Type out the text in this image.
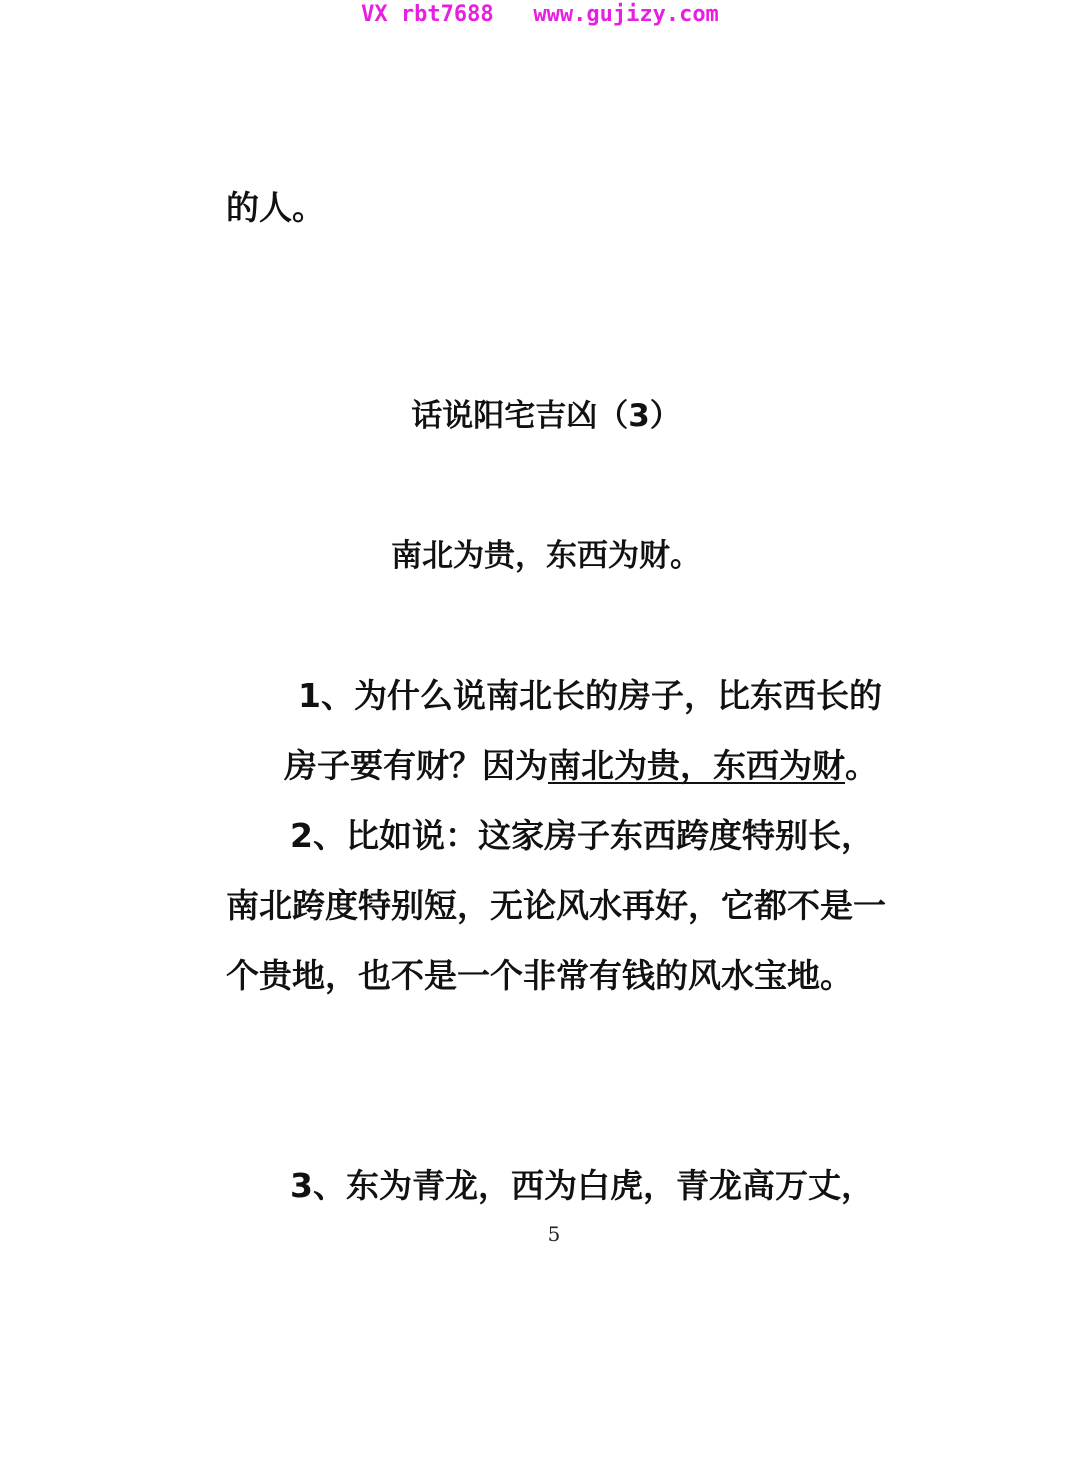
VX rbt7688 www.gujizy.com
的人。
话说阳宅吉凶（3）
南北为贵，东西为财。
1、为什么说南北长的房子，比东西长的
房子要有财？因为南北为贵，东西为财。
2、比如说：这家房子东西跨度特别长，
南北跨度特别短，无论风水再好，它都不是一
个贵地，也不是一个非常有钱的风水宝地。
3、东为青龙，西为白虎，青龙高万丈，
5
